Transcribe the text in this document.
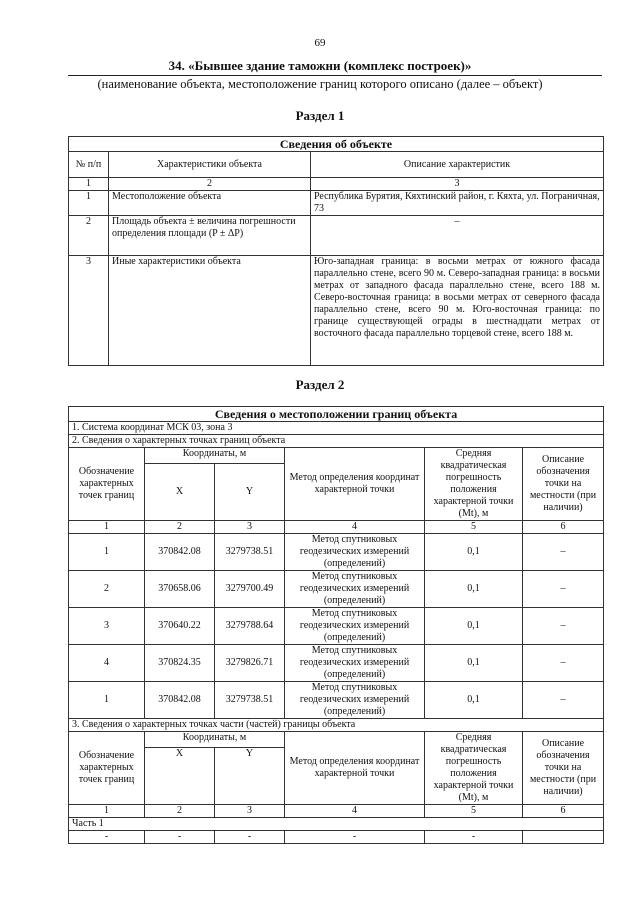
69
34. «Бывшее здание таможни (комплекс построек)»
(наименование объекта, местоположение границ которого описано (далее – объект)
Раздел 1
Сведения об объекте		
№ п/п	Характеристики объекта	Описание характеристик
1	2	3
1	Местоположение объекта	Республика Бурятия, Кяхтинский район, г. Кяхта, ул. Пограничная, 73
2	Площадь объекта ± величина погрешности определения площади (P ± ΔP)	–
3	Иные характеристики объекта	Юго-западная граница: в восьми метрах от южного фасада параллельно стене, всего 90 м. Северо-западная граница: в восьми метрах от западного фасада параллельно стене, всего 188 м. Северо-восточная граница: в восьми метрах от северного фасада параллельно стене, всего 90 м. Юго-восточная граница: по границе существующей ограды в шестнадцати метрах от восточного фасада параллельно торцевой стене, всего 188 м.
Раздел 2
Сведения о местоположении границ объекта					
1. Система координат МСК 03, зона 3					
2. Сведения о характерных точках границ объекта					
Обозначение характерных точек границ	Координаты, м		Метод определения координат характерной точки	Средняя квадратическая погрешность положения характерной точки (Mt), м	Описание обозначения точки на местности (при наличии)
	X	Y			
1	2	3	4	5	6
1	370842.08	3279738.51	Метод спутниковых геодезических измерений (определений)	0,1	–
2	370658.06	3279700.49	Метод спутниковых геодезических измерений (определений)	0,1	–
3	370640.22	3279788.64	Метод спутниковых геодезических измерений (определений)	0,1	–
4	370824.35	3279826.71	Метод спутниковых геодезических измерений (определений)	0,1	–
1	370842.08	3279738.51	Метод спутниковых геодезических измерений (определений)	0,1	–
3. Сведения о характерных точках части (частей) границы объекта					
Обозначение характерных точек границ	Координаты, м		Метод определения координат характерной точки	Средняя квадратическая погрешность положения характерной точки (Mt), м	Описание обозначения точки на местности (при наличии)
	X	Y			
1	2	3	4	5	6
Часть 1					
-	-	-	-	-	
